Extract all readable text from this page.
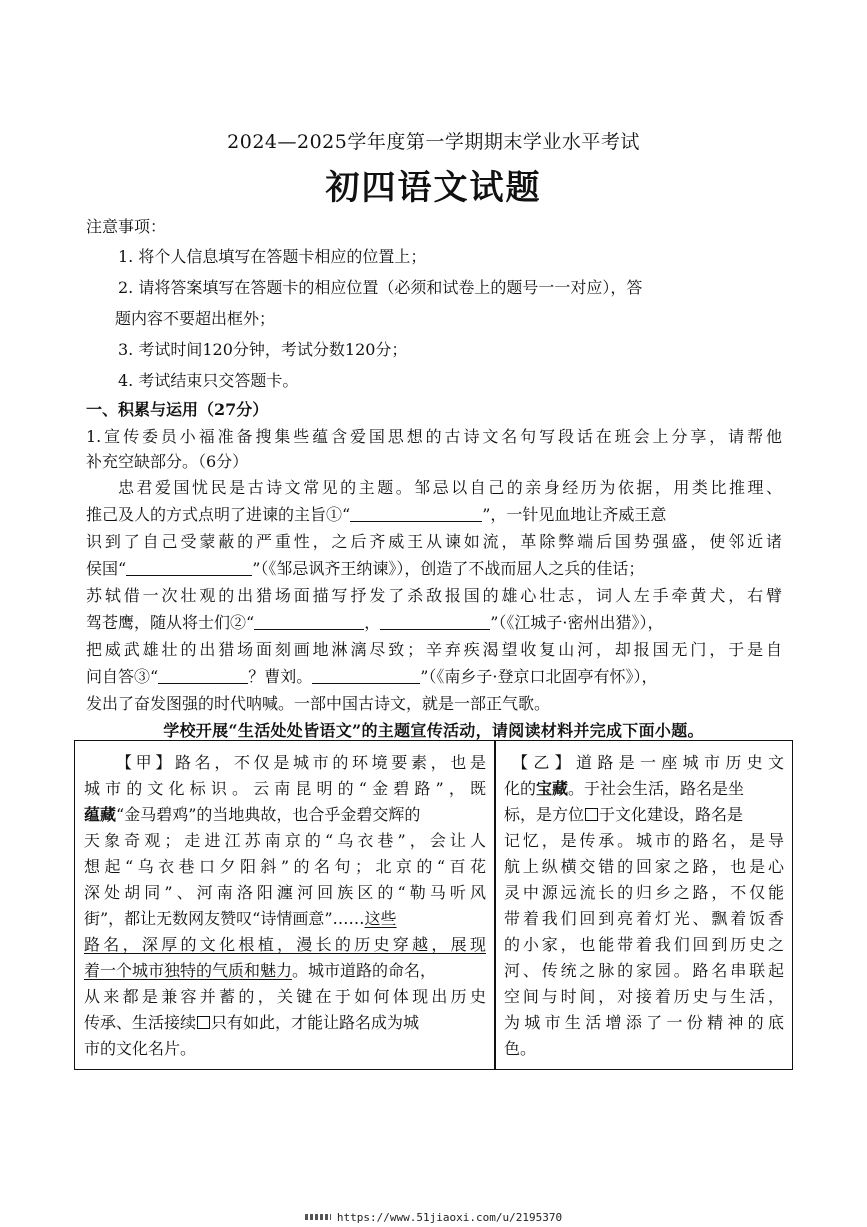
2024—2025学年度第一学期期末学业水平考试
初四语文试题
注意事项：
1. 将个人信息填写在答题卡相应的位置上；
2. 请将答案填写在答题卡的相应位置（必须和试卷上的题号一一对应），答
题内容不要超出框外；
3. 考试时间120分钟，考试分数120分；
4. 考试结束只交答题卡。
一、积累与运用（27分）
1.宣传委员小福准备搜集些蕴含爱国思想的古诗文名句写段话在班会上分享，请帮他
补充空缺部分。（6分）
忠君爱国忧民是古诗文常见的主题。邹忌以自己的亲身经历为依据，用类比推理、
推己及人的方式点明了进谏的主旨①“	”，一针见血地让齐威王意
识到了自己受蒙蔽的严重性，之后齐威王从谏如流，革除弊端后国势强盛，使邻近诸
侯国“	”（《邹忌讽齐王纳谏》），创造了不战而屈人之兵的佳话；
苏轼借一次壮观的出猎场面描写抒发了杀敌报国的雄心壮志，词人左手牵黄犬，右臂
驾苍鹰，随从将士们②“	，	”（《江城子·密州出猎》），
把威武雄壮的出猎场面刻画地淋漓尽致；辛弃疾渴望收复山河，却报国无门，于是自
问自答③“	？曹刘。	”（《南乡子·登京口北固亭有怀》），
发出了奋发图强的时代呐喊。一部中国古诗文，就是一部正气歌。
学校开展“生活处处皆语文”的主题宣传活动，请阅读材料并完成下面小题。
【甲】路名，不仅是城市的环境要素，也是
城市的文化标识。云南昆明的“金碧路”，既
蕴藏“金马碧鸡”的当地典故，也合乎金碧交辉的
天象奇观；走进江苏南京的“乌衣巷”，会让人
想起“乌衣巷口夕阳斜”的名句；北京的“百花
深处胡同”、河南洛阳瀍河回族区的“勒马听风
街”，都让无数网友赞叹“诗情画意”……这些
路名，深厚的文化根植，漫长的历史穿越，展现
着一个城市独特的气质和魅力。城市道路的命名，
从来都是兼容并蓄的，关键在于如何体现出历史
传承、生活接续 只有如此，才能让路名成为城
市的文化名片。
【乙】道路是一座城市历史文
化的宝藏。于社会生活，路名是坐
标，是方位 于文化建设，路名是
记忆，是传承。城市的路名，是导
航上纵横交错的回家之路，也是心
灵中源远流长的归乡之路，不仅能
带着我们回到亮着灯光、飘着饭香
的小家，也能带着我们回到历史之
河、传统之脉的家园。路名串联起
空间与时间，对接着历史与生活，
为城市生活增添了一份精神的底
色。
https://www.51jiaoxi.com/u/2195370
